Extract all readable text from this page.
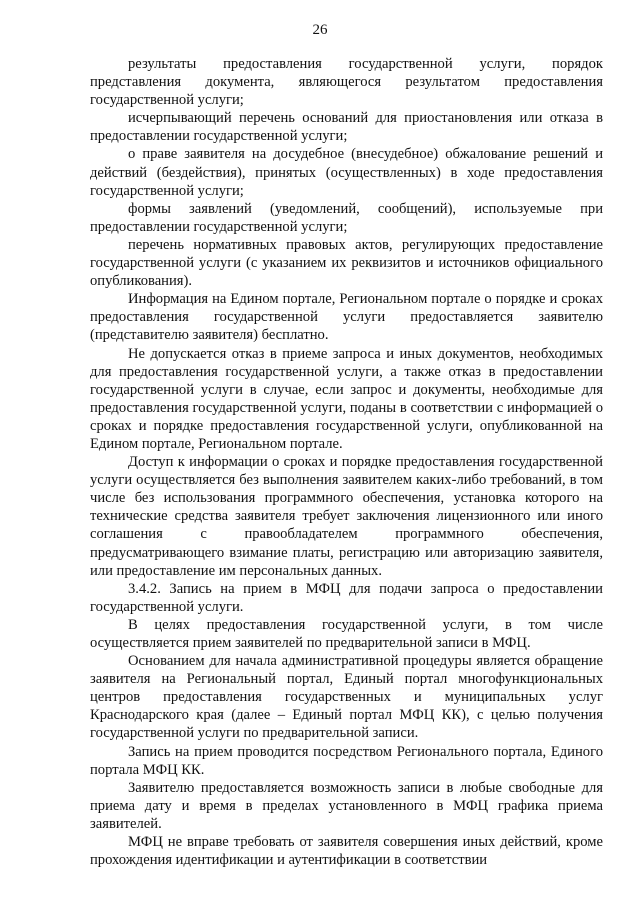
26

результаты предоставления государственной услуги, порядок представления документа, являющегося результатом предоставления государственной услуги;

исчерпывающий перечень оснований для приостановления или отказа в предоставлении государственной услуги;

о праве заявителя на досудебное (внесудебное) обжалование решений и действий (бездействия), принятых (осуществленных) в ходе предоставления государственной услуги;

формы заявлений (уведомлений, сообщений), используемые при предоставлении государственной услуги;

перечень нормативных правовых актов, регулирующих предоставление государственной услуги (с указанием их реквизитов и источников официального опубликования).

Информация на Едином портале, Региональном портале о порядке и сроках предоставления государственной услуги предоставляется заявителю (представителю заявителя) бесплатно.

Не допускается отказ в приеме запроса и иных документов, необходимых для предоставления государственной услуги, а также отказ в предоставлении государственной услуги в случае, если запрос и документы, необходимые для предоставления государственной услуги, поданы в соответствии с информацией о сроках и порядке предоставления государственной услуги, опубликованной на Едином портале, Региональном портале.

Доступ к информации о сроках и порядке предоставления государственной услуги осуществляется без выполнения заявителем каких-либо требований, в том числе без использования программного обеспечения, установка которого на технические средства заявителя требует заключения лицензионного или иного соглашения с правообладателем программного обеспечения, предусматривающего взимание платы, регистрацию или авторизацию заявителя, или предоставление им персональных данных.

3.4.2. Запись на прием в МФЦ для подачи запроса о предоставлении государственной услуги.

В целях предоставления государственной услуги, в том числе осуществляется прием заявителей по предварительной записи в МФЦ.

Основанием для начала административной процедуры является обращение заявителя на Региональный портал, Единый портал многофункциональных центров предоставления государственных и муниципальных услуг Краснодарского края (далее – Единый портал МФЦ КК), с целью получения государственной услуги по предварительной записи.

Запись на прием проводится посредством Регионального портала, Единого портала МФЦ КК.

Заявителю предоставляется возможность записи в любые свободные для приема дату и время в пределах установленного в МФЦ графика приема заявителей.

МФЦ не вправе требовать от заявителя совершения иных действий, кроме прохождения идентификации и аутентификации в соответствии
